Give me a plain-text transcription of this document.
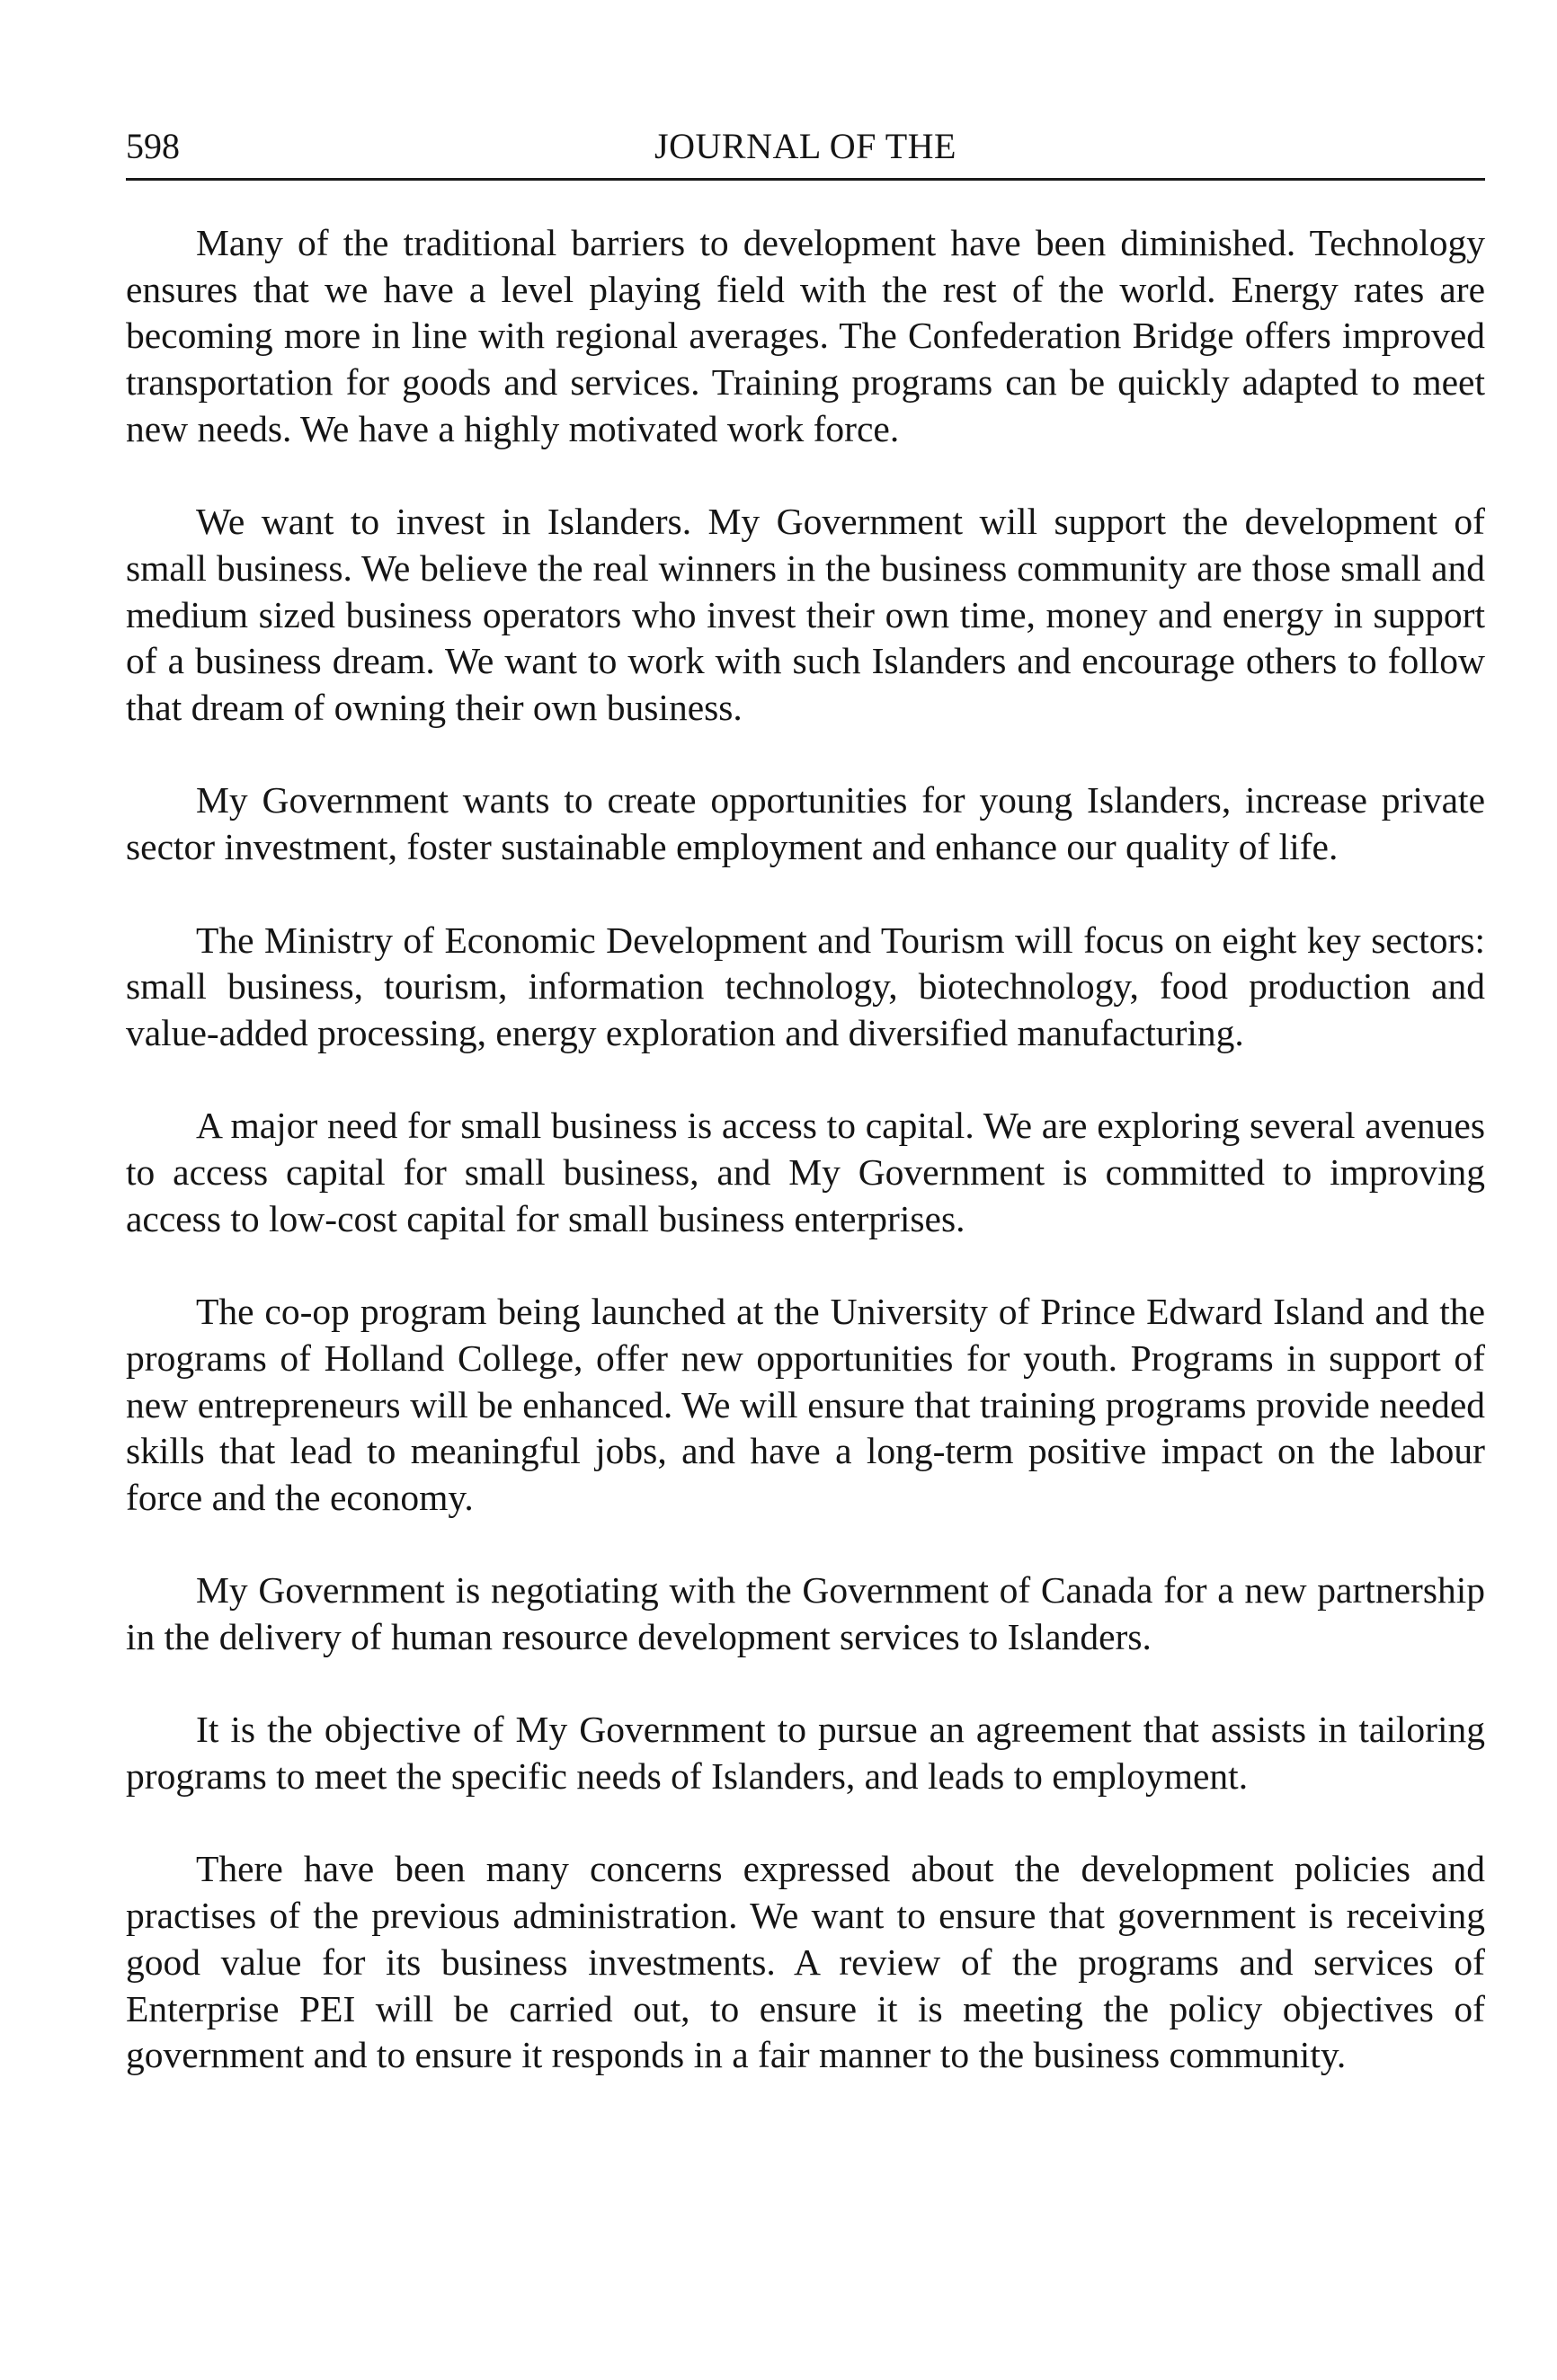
598	JOURNAL OF THE

Many of the traditional barriers to development have been diminished. Technology ensures that we have a level playing field with the rest of the world. Energy rates are becoming more in line with regional averages. The Confederation Bridge offers improved transportation for goods and services. Training programs can be quickly adapted to meet new needs. We have a highly motivated work force.

We want to invest in Islanders. My Government will support the development of small business. We believe the real winners in the business community are those small and medium sized business operators who invest their own time, money and energy in support of a business dream. We want to work with such Islanders and encourage others to follow that dream of owning their own business.

My Government wants to create opportunities for young Islanders, increase private sector investment, foster sustainable employment and enhance our quality of life.

The Ministry of Economic Development and Tourism will focus on eight key sectors: small business, tourism, information technology, biotechnology, food production and value-added processing, energy exploration and diversified manufacturing.

A major need for small business is access to capital. We are exploring several avenues to access capital for small business, and My Government is committed to improving access to low-cost capital for small business enterprises.

The co-op program being launched at the University of Prince Edward Island and the programs of Holland College, offer new opportunities for youth. Programs in support of new entrepreneurs will be enhanced. We will ensure that training programs provide needed skills that lead to meaningful jobs, and have a long-term positive impact on the labour force and the economy.

My Government is negotiating with the Government of Canada for a new partnership in the delivery of human resource development services to Islanders.

It is the objective of My Government to pursue an agreement that assists in tailoring programs to meet the specific needs of Islanders, and leads to employment.

There have been many concerns expressed about the development policies and practises of the previous administration. We want to ensure that government is receiving good value for its business investments. A review of the programs and services of Enterprise PEI will be carried out, to ensure it is meeting the policy objectives of government and to ensure it responds in a fair manner to the business community.
